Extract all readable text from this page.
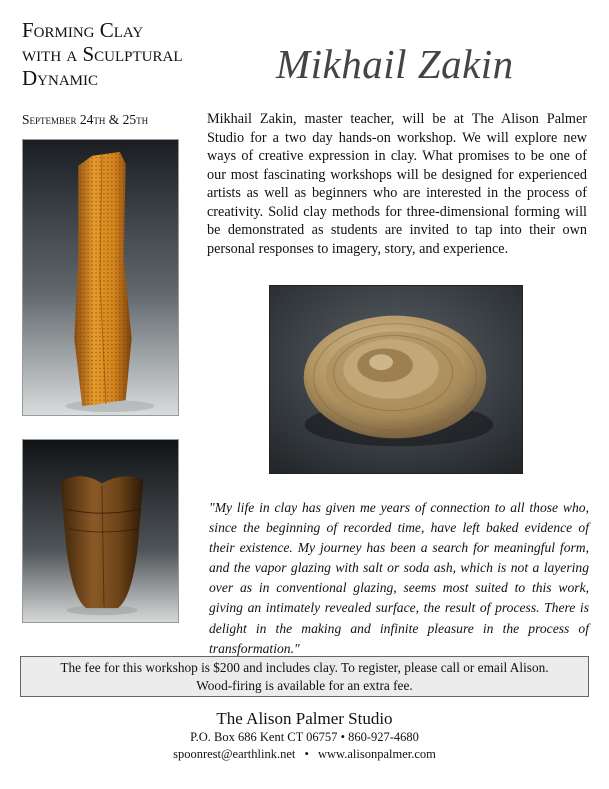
Forming Clay
with a Sculptural
Dynamic	Mikhail Zakin
September 24th & 25th	Mikhail Zakin, master teacher, will be at The Alison Palmer Studio for a two day hands-on workshop. We will explore new ways of creative expression in clay. What promises to be one of our most fascinating workshops will be designed for experienced artists as well as beginners who are interested in the process of creativity. Solid clay methods for three-dimensional forming will be demonstrated as students are invited to tap into their own personal responses to imagery, story, and experience.

"My life in clay has given me years of connection to all those who, since the beginning of recorded time, have left baked evidence of their existence. My journey has been a search for meaningful form, and the vapor glazing with salt or soda ash, which is not a layering over as in conventional glazing, seems most suited to this work, giving an intimately revealed surface, the result of process. There is delight in the making and infinite pleasure in the process of transformation."

The fee for this workshop is $200 and includes clay. To register, please call or email Alison.
Wood-firing is available for an extra fee.
The Alison Palmer Studio
P.O. Box 686 Kent CT 06757 • 860-927-4680
spoonrest@earthlink.net • www.alisonpalmer.com
